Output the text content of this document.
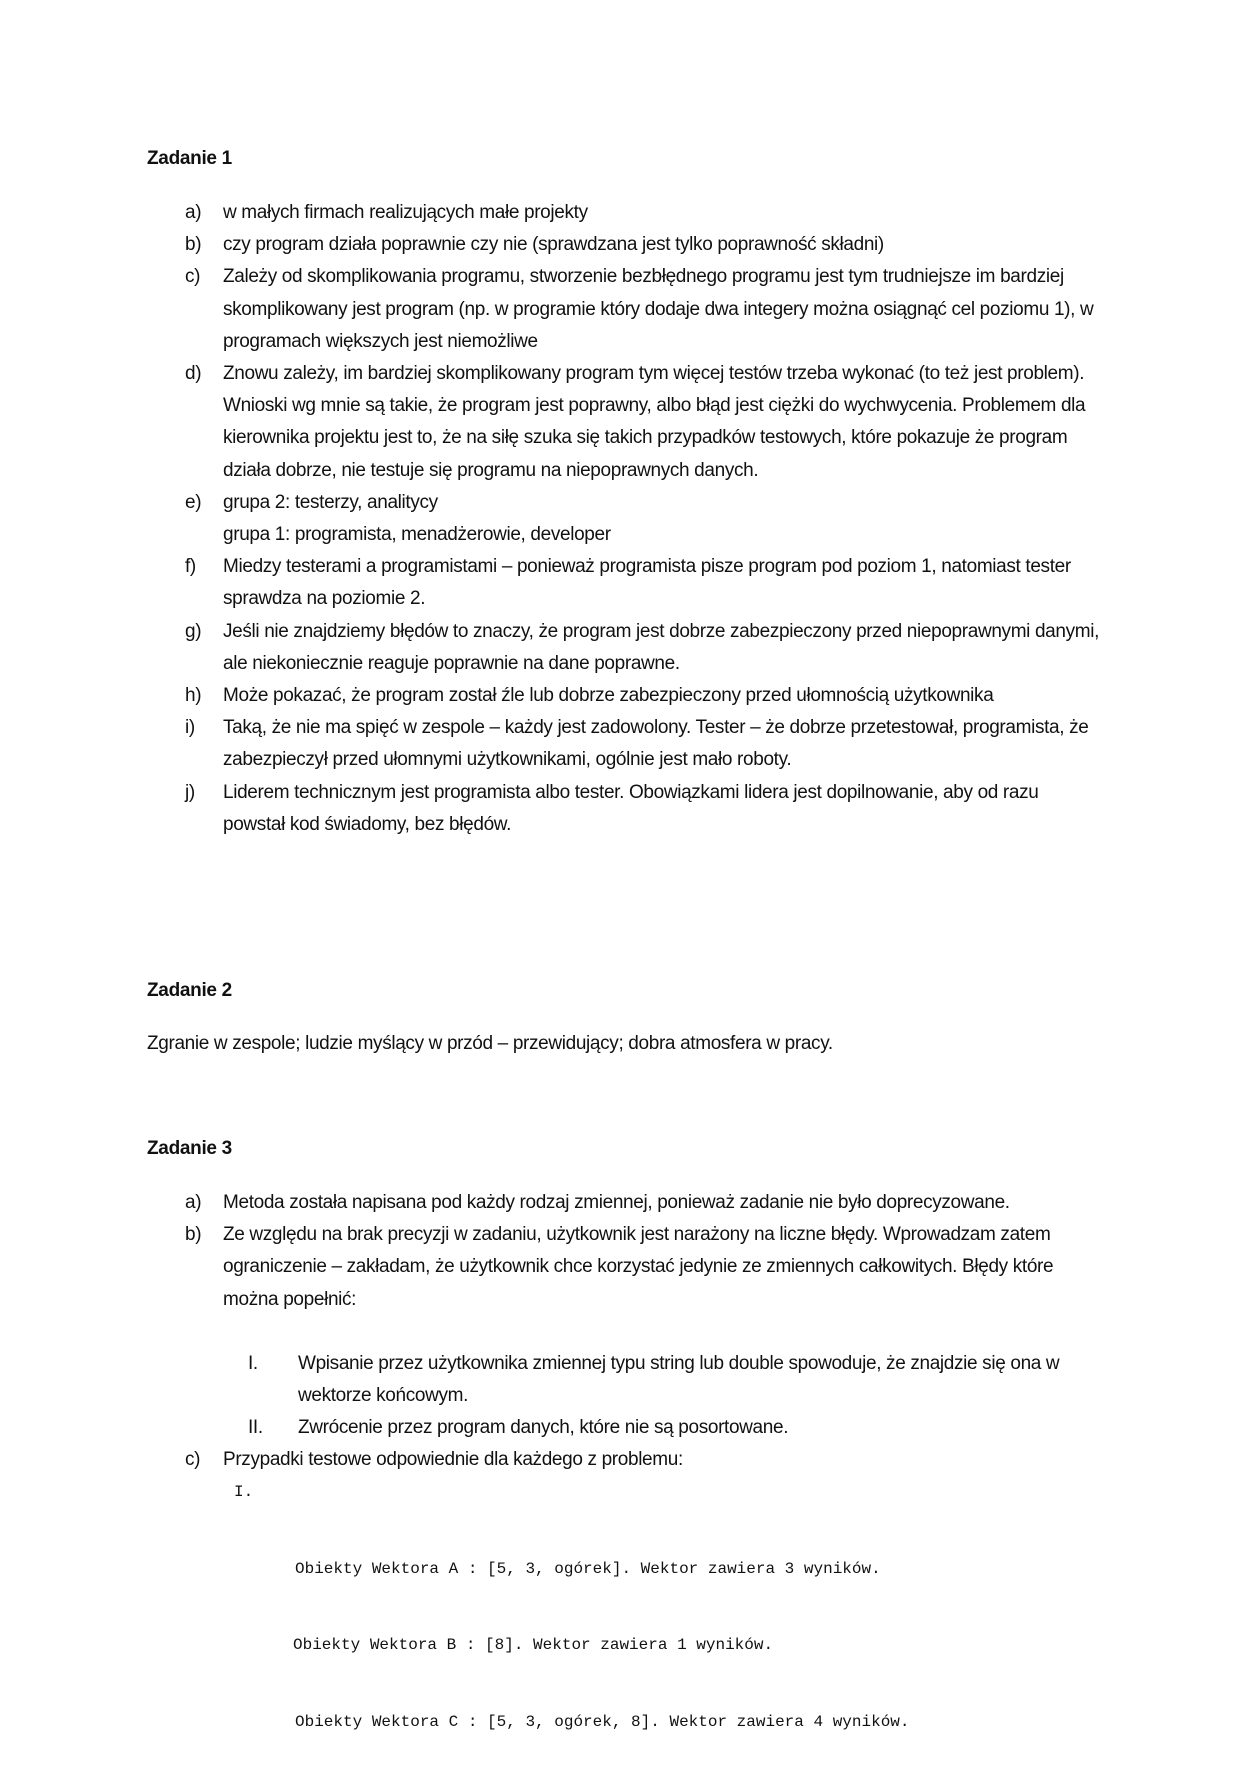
Zadanie 1
a) w małych firmach realizujących małe projekty
b) czy program działa poprawnie czy nie (sprawdzana jest tylko poprawność składni)
c) Zależy od skomplikowania programu, stworzenie bezbłędnego programu jest tym trudniejsze im bardziej skomplikowany jest program (np. w programie który dodaje dwa integery można osiągnąć cel poziomu 1), w programach większych jest niemożliwe
d) Znowu zależy, im bardziej skomplikowany program tym więcej testów trzeba wykonać (to też jest problem). Wnioski wg mnie są takie, że program jest poprawny, albo błąd jest ciężki do wychwycenia. Problemem dla kierownika projektu jest to, że na siłę szuka się takich przypadków testowych, które pokazuje że program działa dobrze, nie testuje się programu na niepoprawnych danych.
e) grupa 2: testerzy, analitycy
grupa 1: programista, menadżerowie, developer
f) Miedzy testerami a programistami – ponieważ programista pisze program pod poziom 1, natomiast tester sprawdza na poziomie 2.
g) Jeśli nie znajdziemy błędów to znaczy, że program jest dobrze zabezpieczony przed niepoprawnymi danymi, ale niekoniecznie reaguje poprawnie na dane poprawne.
h) Może pokazać, że program został źle lub dobrze zabezpieczony przed ułomnością użytkownika
i) Taką, że nie ma spięć w zespole – każdy jest zadowolony. Tester – że dobrze przetestował, programista, że zabezpieczył przed ułomnymi użytkownikami, ogólnie jest mało roboty.
j) Liderem technicznym jest programista albo tester. Obowiązkami lidera jest dopilnowanie, aby od razu powstał kod świadomy, bez błędów.
Zadanie 2

Zgranie w zespole; ludzie myślący w przód – przewidujący; dobra atmosfera w pracy.

Zadanie 3
a) Metoda została napisana pod każdy rodzaj zmiennej, ponieważ zadanie nie było doprecyzowane.
b) Ze względu na brak precyzji w zadaniu, użytkownik jest narażony na liczne błędy. Wprowadzam zatem ograniczenie – zakładam, że użytkownik chce korzystać jedynie ze zmiennych całkowitych. Błędy które można popełnić:
I. Wpisanie przez użytkownika zmiennej typu string lub double spowoduje, że znajdzie się ona w wektorze końcowym.
II. Zwrócenie przez program danych, które nie są posortowane.
c) Przypadki testowe odpowiednie dla każdego z problemu:

I.

Obiekty Wektora A : [5, 3, ogórek]. Wektor zawiera 3 wyników.

Obiekty Wektora B : [8]. Wektor zawiera 1 wyników.

Obiekty Wektora C : [5, 3, ogórek, 8]. Wektor zawiera 4 wyników.
